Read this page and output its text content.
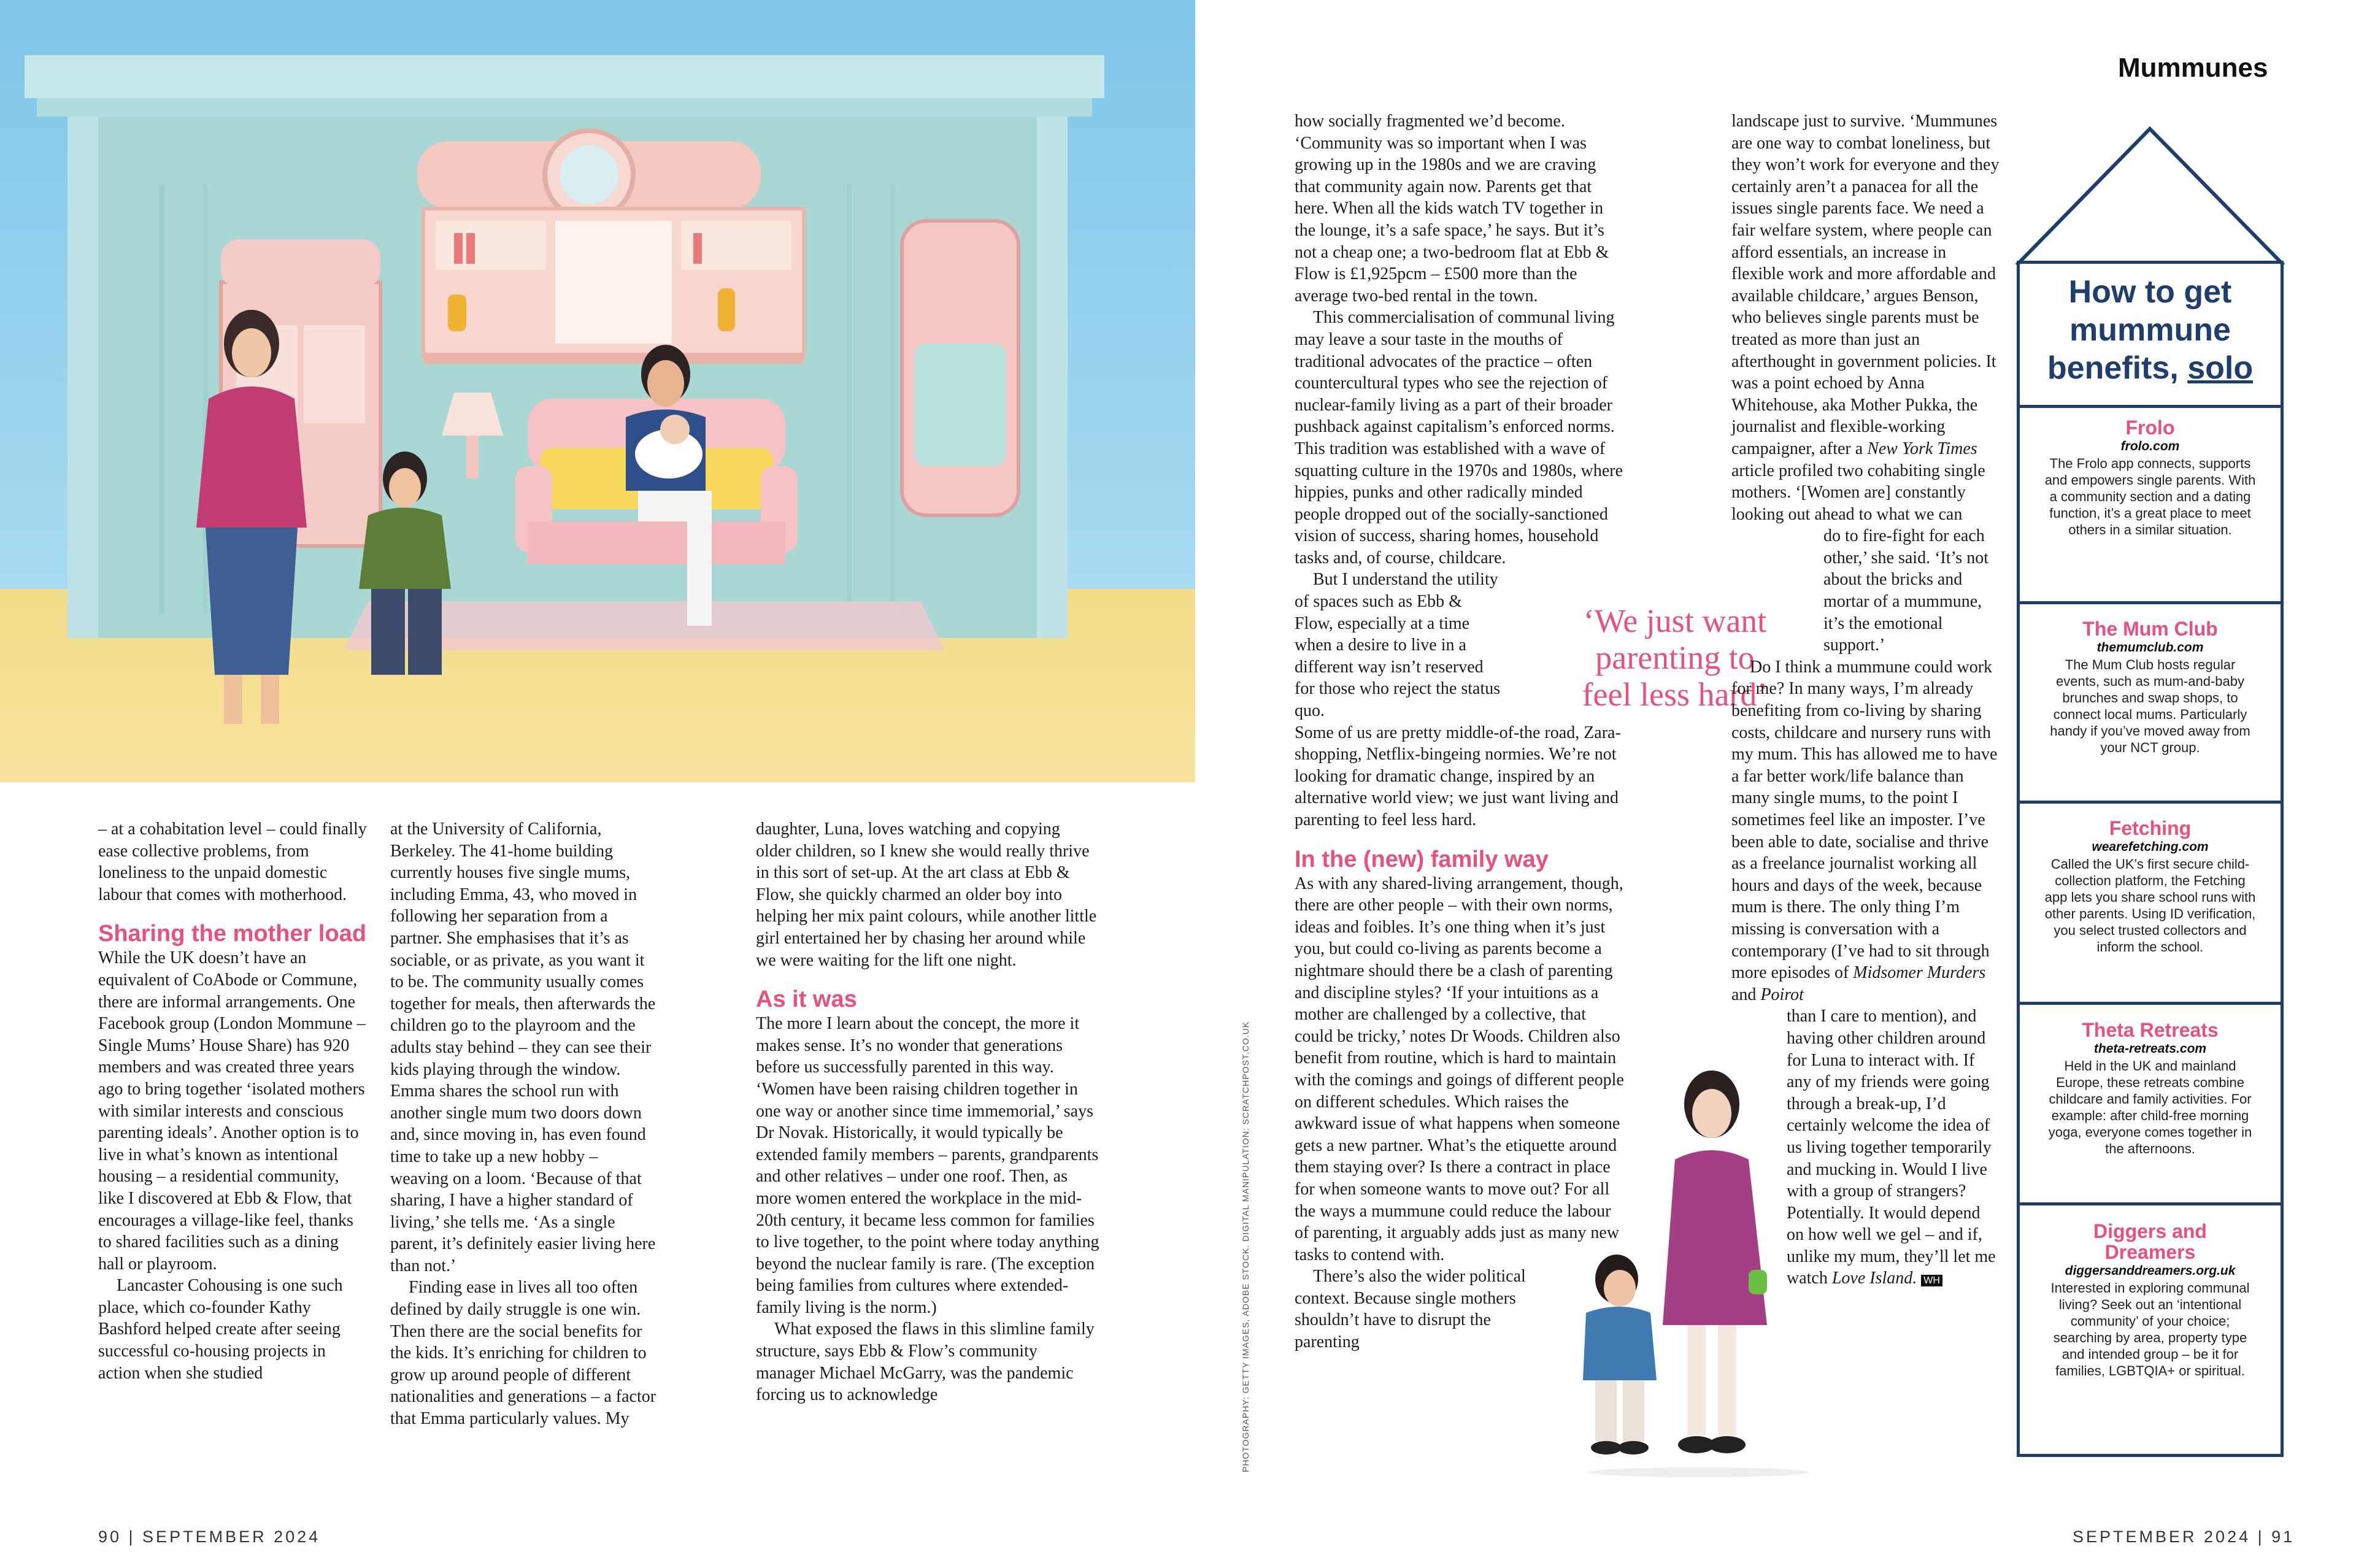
PHOTOGRAPHY: GETTY IMAGES, ADOBE STOCK. DIGITAL MANIPULATION: SCRATCHPOST.CO.UK

– at a cohabitation level – could finally ease collective problems, from loneliness to the unpaid domestic labour that comes with motherhood.

Sharing the mother load

While the UK doesn’t have an equivalent of CoAbode or Commune, there are informal arrangements. One Facebook group (London Mommune – Single Mums’ House Share) has 920 members and was created three years ago to bring together ‘isolated mothers with similar interests and conscious parenting ideals’. Another option is to live in what’s known as intentional housing – a residential community, like I discovered at Ebb & Flow, that encourages a village-like feel, thanks to shared facilities such as a dining hall or playroom.

Lancaster Cohousing is one such place, which co-founder Kathy Bashford helped create after seeing successful co-housing projects in action when she studied

at the University of California, Berkeley. The 41-home building currently houses five single mums, including Emma, 43, who moved in following her separation from a partner. She emphasises that it’s as sociable, or as private, as you want it to be. The community usually comes together for meals, then afterwards the children go to the playroom and the adults stay behind – they can see their kids playing through the window. Emma shares the school run with another single mum two doors down and, since moving in, has even found time to take up a new hobby – weaving on a loom. ‘Because of that sharing, I have a higher standard of living,’ she tells me. ‘As a single parent, it’s definitely easier living here than not.’

Finding ease in lives all too often defined by daily struggle is one win. Then there are the social benefits for the kids. It’s enriching for children to grow up around people of different nationalities and generations – a factor that Emma particularly values. My

daughter, Luna, loves watching and copying older children, so I knew she would really thrive in this sort of set-up. At the art class at Ebb & Flow, she quickly charmed an older boy into helping her mix paint colours, while another little girl entertained her by chasing her around while we were waiting for the lift one night.

As it was

The more I learn about the concept, the more it makes sense. It’s no wonder that generations before us successfully parented in this way. ‘Women have been raising children together in one way or another since time immemorial,’ says Dr Novak. Historically, it would typically be extended family members – parents, grandparents and other relatives – under one roof. Then, as more women entered the workplace in the mid-20th century, it became less common for families to live together, to the point where today anything beyond the nuclear family is rare. (The exception being families from cultures where extended-family living is the norm.)

What exposed the flaws in this slimline family structure, says Ebb & Flow’s community manager Michael McGarry, was the pandemic forcing us to acknowledge

how socially fragmented we’d become. ‘Community was so important when I was growing up in the 1980s and we are craving that community again now. Parents get that here. When all the kids watch TV together in the lounge, it’s a safe space,’ he says. But it’s not a cheap one; a two-bedroom flat at Ebb & Flow is £1,925pcm – £500 more than the average two-bed rental in the town.

This commercialisation of communal living may leave a sour taste in the mouths of traditional advocates of the practice – often countercultural types who see the rejection of nuclear-family living as a part of their broader pushback against capitalism’s enforced norms. This tradition was established with a wave of squatting culture in the 1970s and 1980s, where hippies, punks and other radically minded people dropped out of the socially-sanctioned vision of success, sharing homes, household tasks and, of course, childcare.

But I understand the utility of spaces such as Ebb & Flow, especially at a time when a desire to live in a different way isn’t reserved for those who reject the status quo.

Some of us are pretty middle-of-the road, Zara-shopping, Netflix-bingeing normies. We’re not looking for dramatic change, inspired by an alternative world view; we just want living and parenting to feel less hard.

In the (new) family way

As with any shared-living arrangement, though, there are other people – with their own norms, ideas and foibles. It’s one thing when it’s just you, but could co-living as parents become a nightmare should there be a clash of parenting and discipline styles? ‘If your intuitions as a mother are challenged by a collective, that could be tricky,’ notes Dr Woods. Children also benefit from routine, which is hard to maintain with the comings and goings of different people on different schedules. Which raises the awkward issue of what happens when someone gets a new partner. What’s the etiquette around them staying over? Is there a contract in place for when someone wants to move out? For all the ways a mummune could reduce the labour of parenting, it arguably adds just as many new tasks to contend with.

There’s also the wider political context. Because single mothers shouldn’t have to disrupt the parenting

‘We just want parenting to feel less hard’

landscape just to survive. ‘Mummunes are one way to combat loneliness, but they won’t work for everyone and they certainly aren’t a panacea for all the issues single parents face. We need a fair welfare system, where people can afford essentials, an increase in flexible work and more affordable and available childcare,’ argues Benson, who believes single parents must be treated as more than just an afterthought in government policies. It was a point echoed by Anna Whitehouse, aka Mother Pukka, the journalist and flexible-working campaigner, after a New York Times article profiled two cohabiting single mothers. ‘[Women are] constantly looking out ahead to what we can

do to fire-fight for each other,’ she said. ‘It’s not about the bricks and mortar of a mummune, it’s the emotional support.’

Do I think a mummune could work for me? In many ways, I’m already benefiting from co-living by sharing costs, childcare and nursery runs with my mum. This has allowed me to have a far better work/life balance than many single mums, to the point I sometimes feel like an imposter. I’ve been able to date, socialise and thrive as a freelance journalist working all hours and days of the week, because mum is there. The only thing I’m missing is conversation with a contemporary (I’ve had to sit through more episodes of Midsomer Murders and Poirot

than I care to mention), and having other children around for Luna to interact with. If any of my friends were going through a break-up, I’d certainly welcome the idea of us living together temporarily and mucking in. Would I live with a group of strangers? Potentially. It would depend on how well we gel – and if, unlike my mum, they’ll let me watch Love Island. WH

Mummunes
How to get mummune benefits, solo
Frolo
frolo.com
The Frolo app connects, supports and empowers single parents. With a community section and a dating function, it’s a great place to meet others in a similar situation.
The Mum Club
themumclub.com
The Mum Club hosts regular events, such as mum-and-baby brunches and swap shops, to connect local mums. Particularly handy if you’ve moved away from your NCT group.
Fetching
wearefetching.com
Called the UK’s first secure child-collection platform, the Fetching app lets you share school runs with other parents. Using ID verification, you select trusted collectors and inform the school.
Theta Retreats
theta-retreats.com
Held in the UK and mainland Europe, these retreats combine childcare and family activities. For example: after child-free morning yoga, everyone comes together in the afternoons.
Diggers and Dreamers
diggersanddreamers.org.uk
Interested in exploring communal living? Seek out an ‘intentional community’ of your choice; searching by area, property type and intended group – be it for families, LGBTQIA+ or spiritual.
90 | SEPTEMBER 2024	SEPTEMBER 2024 | 91
